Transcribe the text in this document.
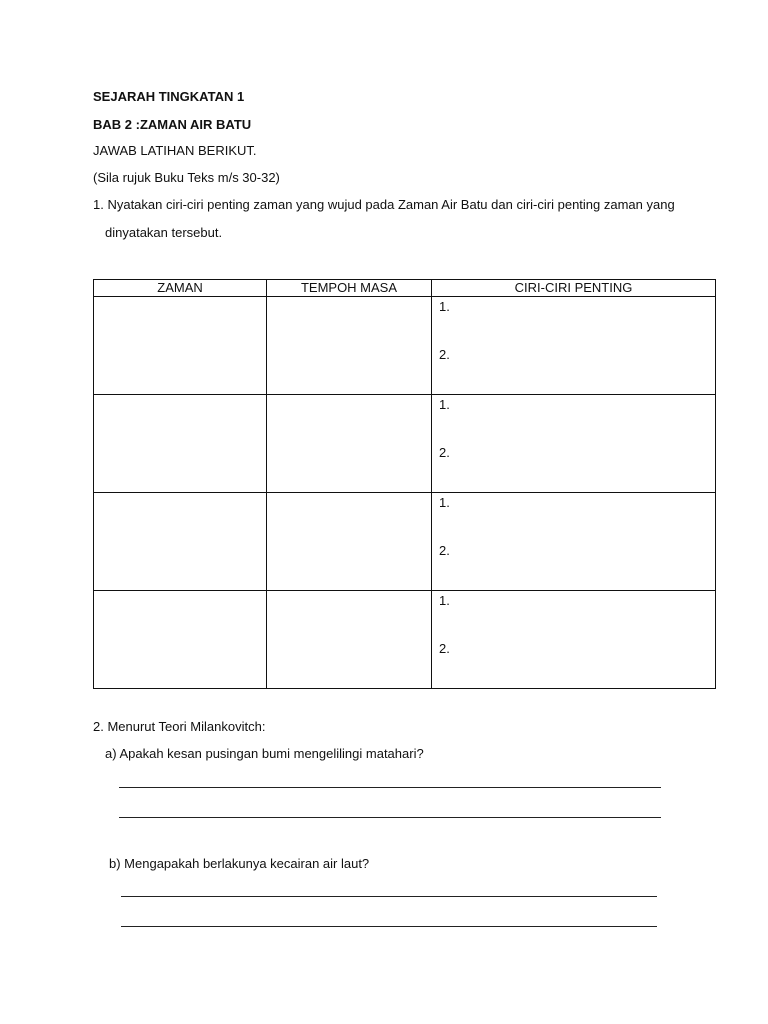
SEJARAH TINGKATAN 1
BAB 2 :ZAMAN AIR BATU
JAWAB LATIHAN BERIKUT.
(Sila rujuk Buku Teks m/s 30-32)
1. Nyatakan ciri-ciri penting zaman yang wujud pada Zaman Air Batu dan ciri-ciri penting zaman yang
dinyatakan tersebut.
ZAMAN	TEMPOH MASA	CIRI-CIRI PENTING

		1.
2.

		1.
2.

		1.
2.

		1.
2.
2. Menurut Teori Milankovitch:
a) Apakah kesan pusingan bumi mengelilingi matahari?
b) Mengapakah berlakunya kecairan air laut?
